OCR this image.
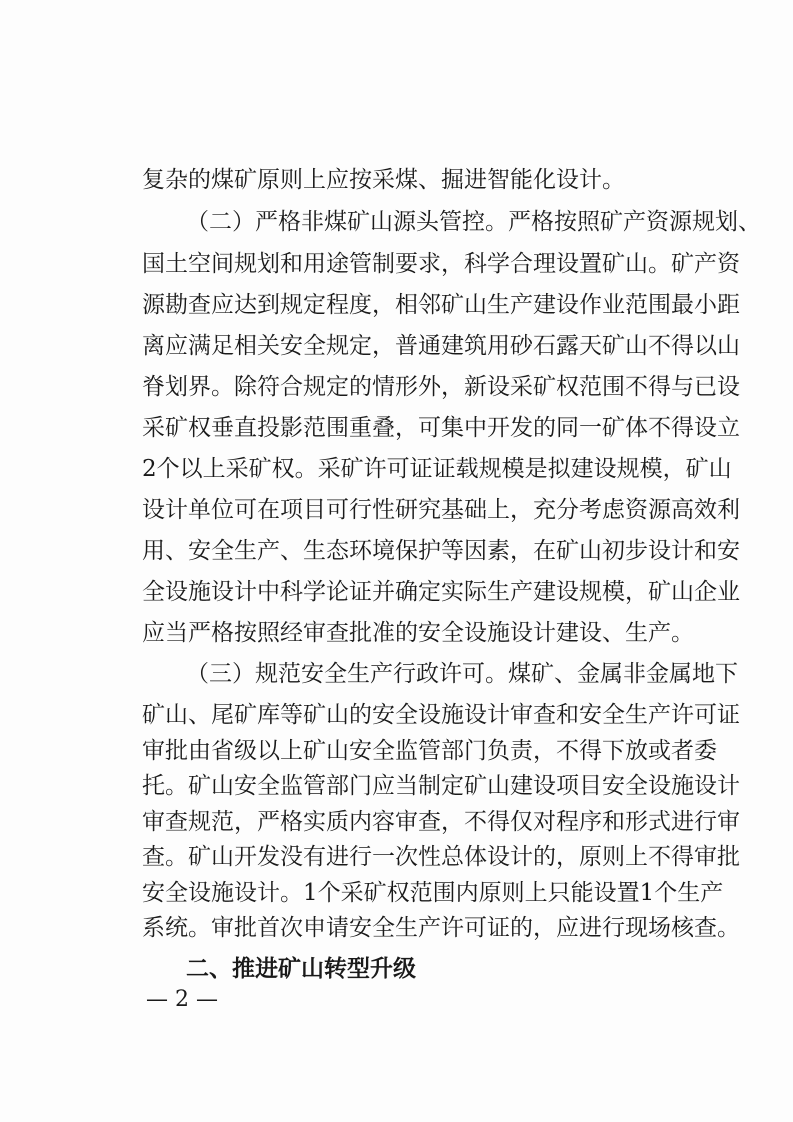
复杂的煤矿原则上应按采煤、掘进智能化设计。
（二）严格非煤矿山源头管控。严格按照矿产资源规划、
国土空间规划和用途管制要求，科学合理设置矿山。矿产资
源勘查应达到规定程度，相邻矿山生产建设作业范围最小距
离应满足相关安全规定，普通建筑用砂石露天矿山不得以山
脊划界。除符合规定的情形外，新设采矿权范围不得与已设
采矿权垂直投影范围重叠，可集中开发的同一矿体不得设立
2个以上采矿权。采矿许可证证载规模是拟建设规模，矿山
设计单位可在项目可行性研究基础上，充分考虑资源高效利
用、安全生产、生态环境保护等因素，在矿山初步设计和安
全设施设计中科学论证并确定实际生产建设规模，矿山企业
应当严格按照经审查批准的安全设施设计建设、生产。
（三）规范安全生产行政许可。煤矿、金属非金属地下
矿山、尾矿库等矿山的安全设施设计审查和安全生产许可证
审批由省级以上矿山安全监管部门负责，不得下放或者委
托。矿山安全监管部门应当制定矿山建设项目安全设施设计
审查规范，严格实质内容审查，不得仅对程序和形式进行审
查。矿山开发没有进行一次性总体设计的，原则上不得审批
安全设施设计。1个采矿权范围内原则上只能设置1个生产
二、推进矿山转型升级
— 2 —
系统。审批首次申请安全生产许可证的，应进行现场核查。
